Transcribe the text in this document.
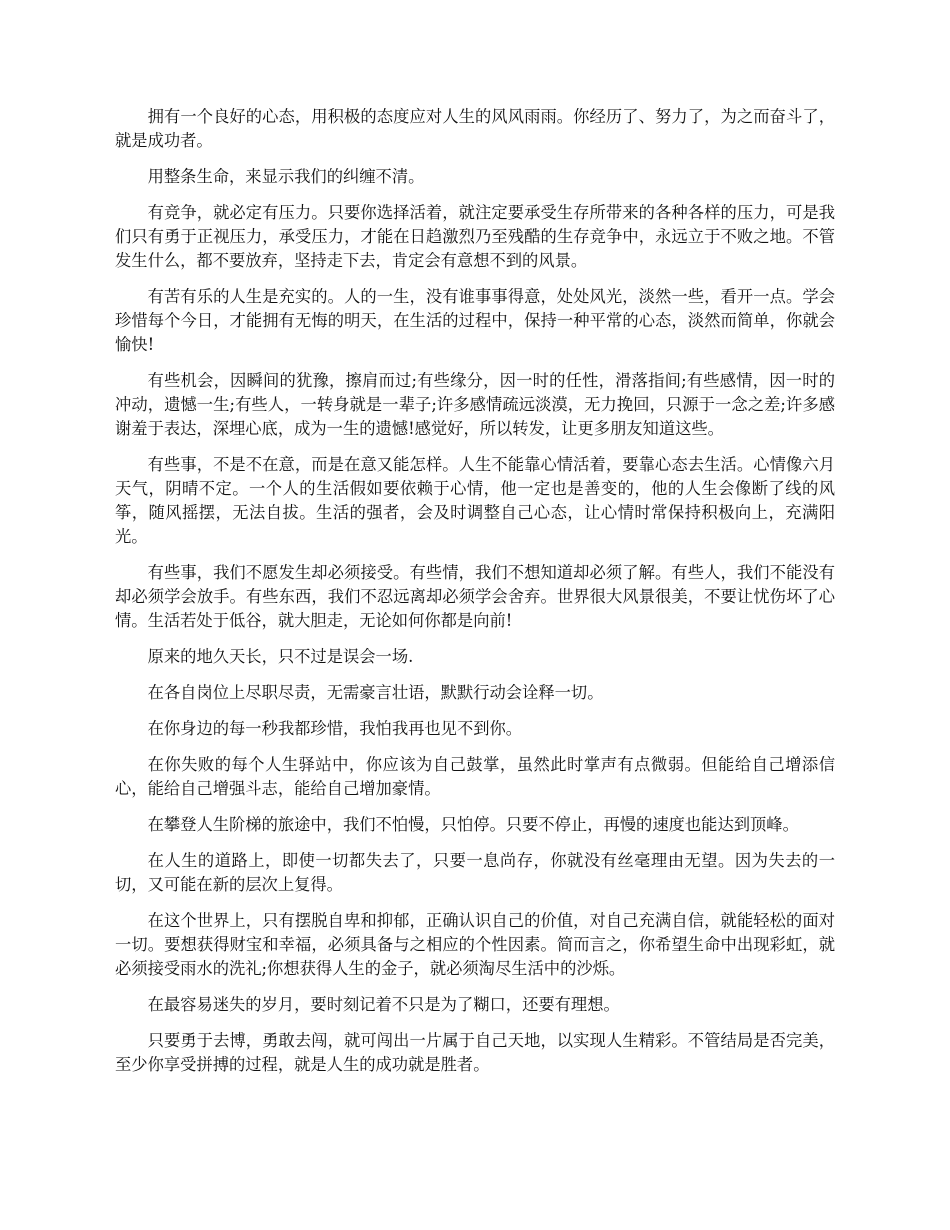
拥有一个良好的心态，用积极的态度应对人生的风风雨雨。你经历了、努力了，为之而奋斗了，就是成功者。

用整条生命，来显示我们的纠缠不清。

有竞争，就必定有压力。只要你选择活着，就注定要承受生存所带来的各种各样的压力，可是我们只有勇于正视压力，承受压力，才能在日趋激烈乃至残酷的生存竞争中，永远立于不败之地。不管发生什么，都不要放弃，坚持走下去，肯定会有意想不到的风景。

有苦有乐的人生是充实的。人的一生，没有谁事事得意，处处风光，淡然一些，看开一点。学会珍惜每个今日，才能拥有无悔的明天，在生活的过程中，保持一种平常的心态，淡然而简单，你就会愉快!

有些机会，因瞬间的犹豫，擦肩而过;有些缘分，因一时的任性，滑落指间;有些感情，因一时的冲动，遗憾一生;有些人，一转身就是一辈子;许多感情疏远淡漠，无力挽回，只源于一念之差;许多感谢羞于表达，深埋心底，成为一生的遗憾!感觉好，所以转发，让更多朋友知道这些。

有些事，不是不在意，而是在意又能怎样。人生不能靠心情活着，要靠心态去生活。心情像六月天气，阴晴不定。一个人的生活假如要依赖于心情，他一定也是善变的，他的人生会像断了线的风筝，随风摇摆，无法自拔。生活的强者，会及时调整自己心态，让心情时常保持积极向上，充满阳光。

有些事，我们不愿发生却必须接受。有些情，我们不想知道却必须了解。有些人，我们不能没有却必须学会放手。有些东西，我们不忍远离却必须学会舍弃。世界很大风景很美，不要让忧伤坏了心情。生活若处于低谷，就大胆走，无论如何你都是向前!

原来的地久天长，只不过是误会一场.

在各自岗位上尽职尽责，无需豪言壮语，默默行动会诠释一切。

在你身边的每一秒我都珍惜，我怕我再也见不到你。

在你失败的每个人生驿站中，你应该为自己鼓掌，虽然此时掌声有点微弱。但能给自己增添信心，能给自己增强斗志，能给自己增加豪情。

在攀登人生阶梯的旅途中，我们不怕慢，只怕停。只要不停止，再慢的速度也能达到顶峰。

在人生的道路上，即使一切都失去了，只要一息尚存，你就没有丝毫理由无望。因为失去的一切，又可能在新的层次上复得。

在这个世界上，只有摆脱自卑和抑郁，正确认识自己的价值，对自己充满自信，就能轻松的面对一切。要想获得财宝和幸福，必须具备与之相应的个性因素。简而言之，你希望生命中出现彩虹，就必须接受雨水的洗礼;你想获得人生的金子，就必须淘尽生活中的沙烁。

在最容易迷失的岁月，要时刻记着不只是为了糊口，还要有理想。

只要勇于去博，勇敢去闯，就可闯出一片属于自己天地，以实现人生精彩。不管结局是否完美，至少你享受拼搏的过程，就是人生的成功就是胜者。
